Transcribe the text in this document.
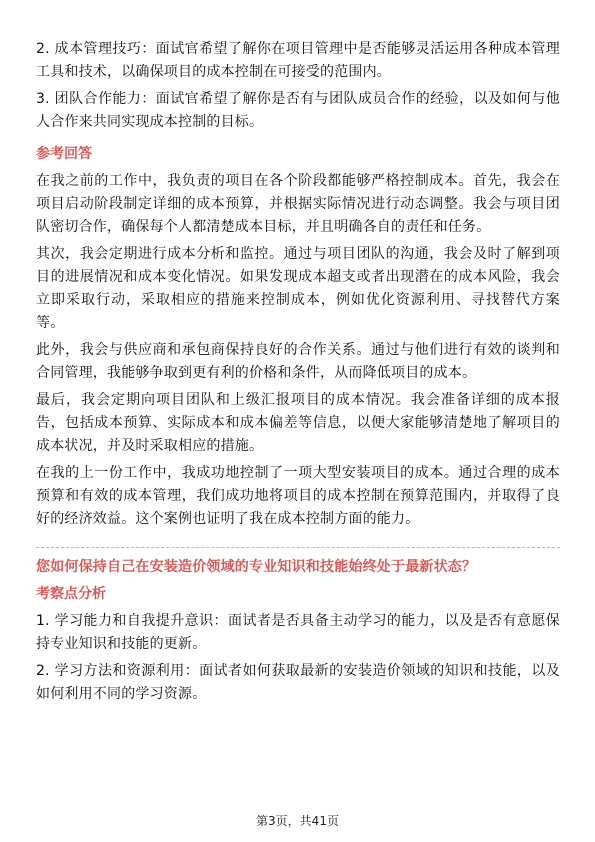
2. 成本管理技巧：面试官希望了解你在项目管理中是否能够灵活运用各种成本管理工具和技术，以确保项目的成本控制在可接受的范围内。

3. 团队合作能力：面试官希望了解你是否有与团队成员合作的经验，以及如何与他人合作来共同实现成本控制的目标。

参考回答

在我之前的工作中，我负责的项目在各个阶段都能够严格控制成本。首先，我会在项目启动阶段制定详细的成本预算，并根据实际情况进行动态调整。我会与项目团队密切合作，确保每个人都清楚成本目标，并且明确各自的责任和任务。

其次，我会定期进行成本分析和监控。通过与项目团队的沟通，我会及时了解到项目的进展情况和成本变化情况。如果发现成本超支或者出现潜在的成本风险，我会立即采取行动，采取相应的措施来控制成本，例如优化资源利用、寻找替代方案等。

此外，我会与供应商和承包商保持良好的合作关系。通过与他们进行有效的谈判和合同管理，我能够争取到更有利的价格和条件，从而降低项目的成本。

最后，我会定期向项目团队和上级汇报项目的成本情况。我会准备详细的成本报告，包括成本预算、实际成本和成本偏差等信息，以便大家能够清楚地了解项目的成本状况，并及时采取相应的措施。

在我的上一份工作中，我成功地控制了一项大型安装项目的成本。通过合理的成本预算和有效的成本管理，我们成功地将项目的成本控制在预算范围内，并取得了良好的经济效益。这个案例也证明了我在成本控制方面的能力。

您如何保持自己在安装造价领域的专业知识和技能始终处于最新状态？
考察点分析

1. 学习能力和自我提升意识：面试者是否具备主动学习的能力，以及是否有意愿保持专业知识和技能的更新。

2. 学习方法和资源利用：面试者如何获取最新的安装造价领域的知识和技能，以及如何利用不同的学习资源。

第3页，共41页
